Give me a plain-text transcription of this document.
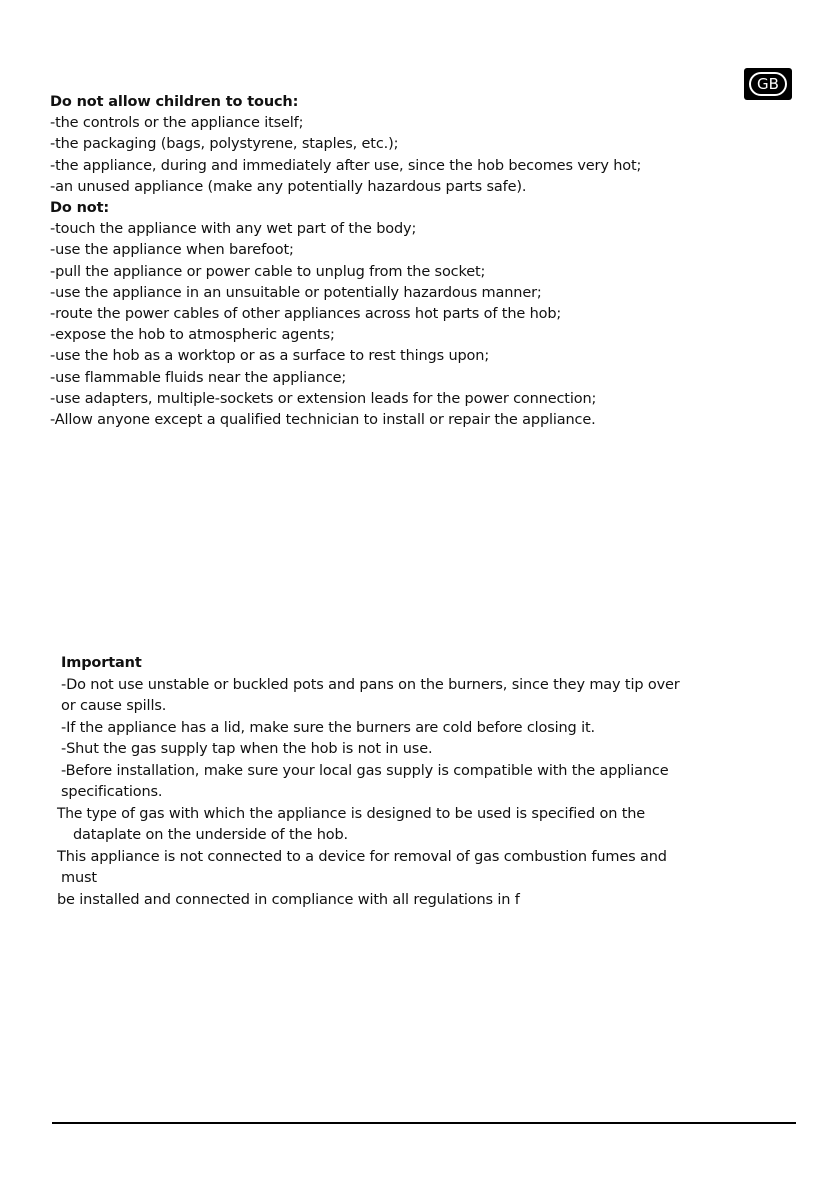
GB

Do not allow children to touch:

-the controls or the appliance itself;

-the packaging (bags, polystyrene, staples, etc.);

-the appliance, during and immediately after use, since the hob becomes very hot;

-an unused appliance (make any potentially hazardous parts safe).

Do not:

-touch the appliance with any wet part of the body;

-use the appliance when barefoot;

-pull the appliance or power cable to unplug from the socket;

-use the appliance in an unsuitable or potentially hazardous manner;

-route the power cables of other appliances across hot parts of the hob;

-expose the hob to atmospheric agents;

-use the hob as a worktop or as a surface to rest things upon;

-use flammable fluids near the appliance;

-use adapters, multiple-sockets or extension leads for the power connection;

-Allow anyone except a qualified technician to install or repair the appliance.

Important

-Do not use unstable or buckled pots and pans on the burners, since they may tip over

or cause spills.

-If the appliance has a lid, make sure the burners are cold before closing it.

-Shut the gas supply tap when the hob is not in use.

-Before installation, make sure your local gas supply is compatible with the appliance

specifications.

The type of gas with which the appliance is designed to be used is specified on the

dataplate on the underside of the hob.

This appliance is not connected to a device for removal of gas combustion fumes and

must

be installed and connected in compliance with all regulations in f
